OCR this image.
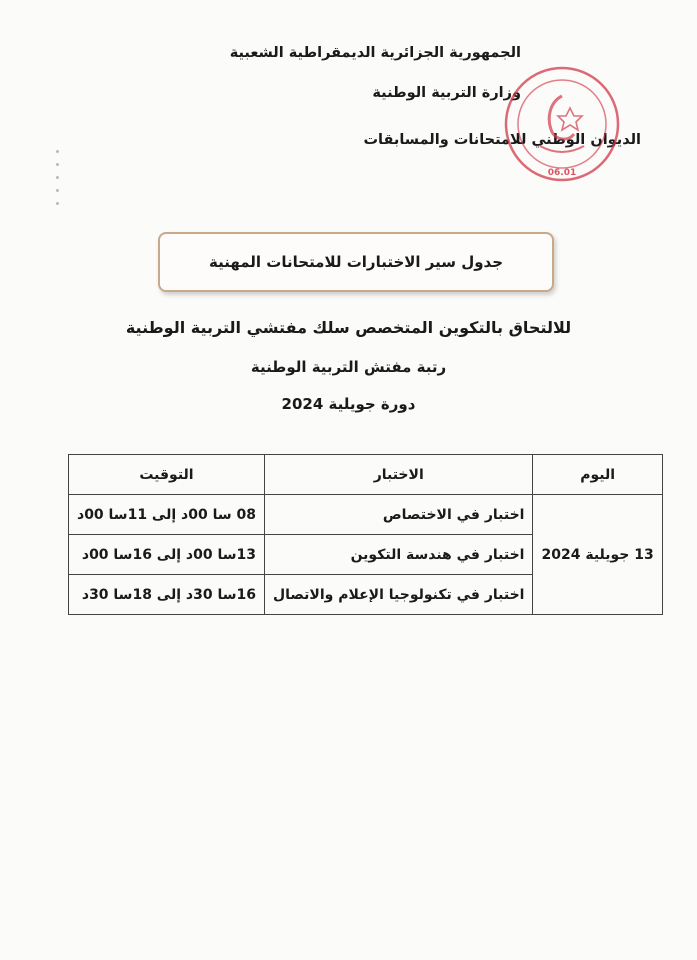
الجمهورية الجزائرية الديمقراطية الشعبية
وزارة التربية الوطنية
الديوان الوطني للامتحانات والمسابقات
06.01
جدول سير الاختبارات للامتحانات المهنية
للالتحاق بالتكوين المتخصص سلك مفتشي التربية الوطنية
رتبة مفتش التربية الوطنية
دورة جويلية 2024
اليوم	الاختبار	التوقيت
13 جويلية 2024	اختبار في الاختصاص	08 سا 00د إلى 11سا 00د
	اختبار في هندسة التكوين	13سا 00د إلى 16سا 00د
	اختبار في تكنولوجيا الإعلام والاتصال	16سا 30د إلى 18سا 30د
